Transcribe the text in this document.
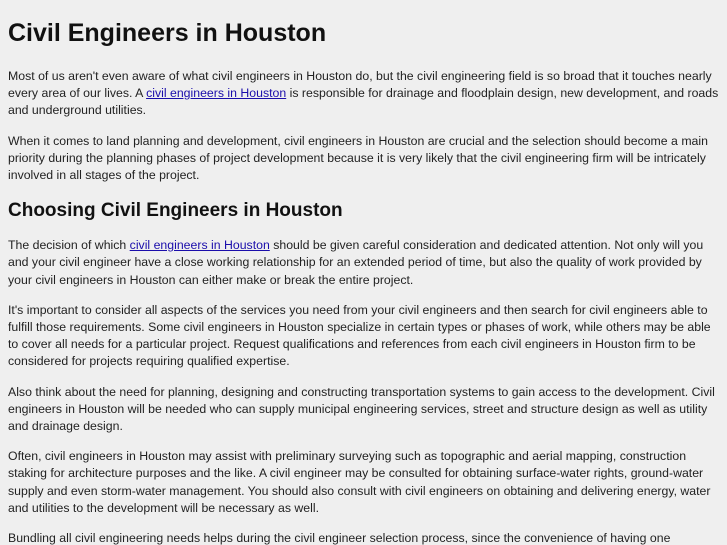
Civil Engineers in Houston

Most of us aren't even aware of what civil engineers in Houston do, but the civil engineering field is so broad that it touches nearly every area of our lives. A civil engineers in Houston is responsible for drainage and floodplain design, new development, and roads and underground utilities.

When it comes to land planning and development, civil engineers in Houston are crucial and the selection should become a main priority during the planning phases of project development because it is very likely that the civil engineering firm will be intricately involved in all stages of the project.

Choosing Civil Engineers in Houston

The decision of which civil engineers in Houston should be given careful consideration and dedicated attention. Not only will you and your civil engineer have a close working relationship for an extended period of time, but also the quality of work provided by your civil engineers in Houston can either make or break the entire project.

It's important to consider all aspects of the services you need from your civil engineers and then search for civil engineers able to fulfill those requirements. Some civil engineers in Houston specialize in certain types or phases of work, while others may be able to cover all needs for a particular project. Request qualifications and references from each civil engineers in Houston firm to be considered for projects requiring qualified expertise.

Also think about the need for planning, designing and constructing transportation systems to gain access to the development. Civil engineers in Houston will be needed who can supply municipal engineering services, street and structure design as well as utility and drainage design.

Often, civil engineers in Houston may assist with preliminary surveying such as topographic and aerial mapping, construction staking for architecture purposes and the like. A civil engineer may be consulted for obtaining surface-water rights, ground-water supply and even storm-water management. You should also consult with civil engineers on obtaining and delivering energy, water and utilities to the development will be necessary as well.

Bundling all civil engineering needs helps during the civil engineer selection process, since the convenience of having one
